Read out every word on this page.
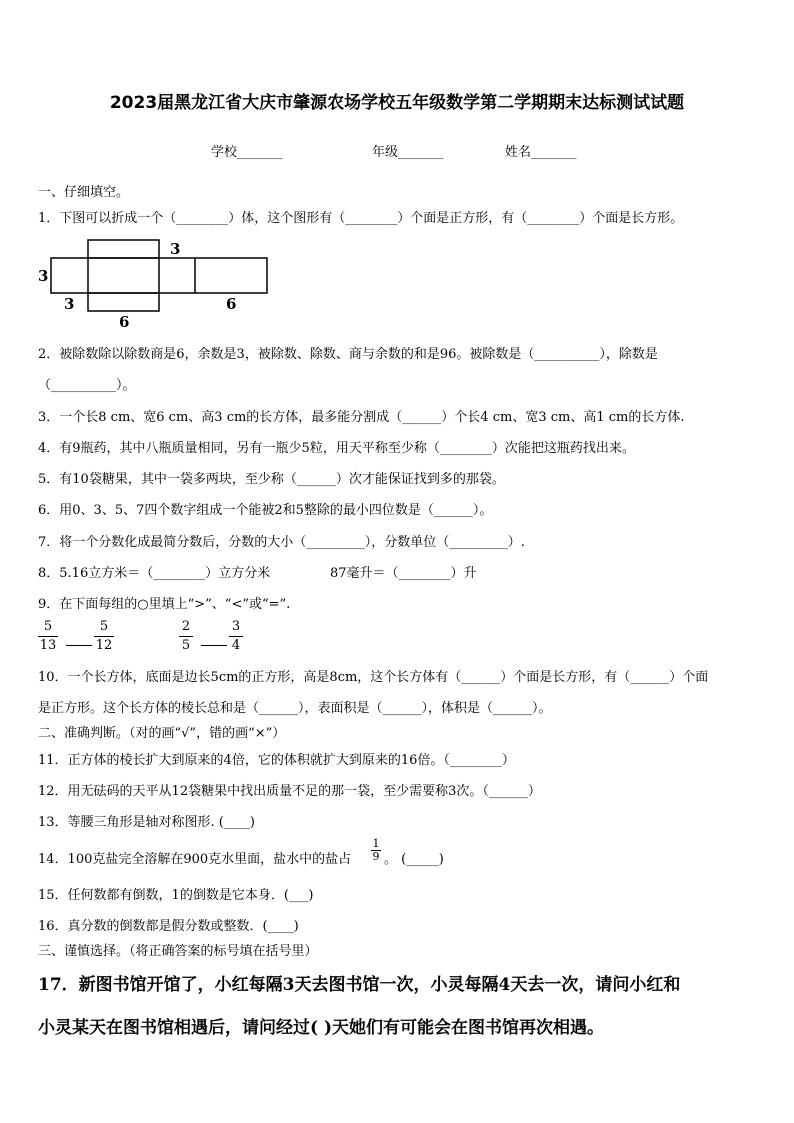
2023届黑龙江省大庆市肇源农场学校五年级数学第二学期期末达标测试试题
学校_______	年级_______	姓名_______
一、仔细填空。
1．下图可以折成一个（________）体，这个图形有（________）个面是正方形，有（________）个面是长方形。
3
3
3
6
6
2．被除数除以除数商是6，余数是3，被除数、除数、商与余数的和是96。被除数是（__________），除数是
（__________）。
3．一个长8 cm、宽6 cm、高3 cm的长方体，最多能分割成（______）个长4 cm、宽3 cm、高1 cm的长方体.
4．有9瓶药，其中八瓶质量相同，另有一瓶少5粒，用天平称至少称（________）次能把这瓶药找出来。
5．有10袋糖果，其中一袋多两块，至少称（______）次才能保证找到多的那袋。
6．用0、3、5、7四个数字组成一个能被2和5整除的最小四位数是（______）。
7．将一个分数化成最简分数后，分数的大小（_________），分数单位（_________）.
8．5.16立方米＝（________）立方分米	87毫升＝（________）升
9．在下面每组的○里填上“>”、“<”或“=”.
5
13
5
12
2
5
3
4
10．一个长方体，底面是边长5cm的正方形，高是8cm，这个长方体有（______）个面是长方形，有（______）个面
是正方形。这个长方体的棱长总和是（______），表面积是（______），体积是（______）。
二、准确判断。（对的画“√”，错的画“×”）
11．正方体的棱长扩大到原来的4倍，它的体积就扩大到原来的16倍。（________）
12．用无砝码的天平从12袋糖果中找出质量不足的那一袋，至少需要称3次。（______）
13．等腰三角形是轴对称图形. (____)
14．100克盐完全溶解在900克水里面，盐水中的盐占
1
9 。 (_____)
15．任何数都有倒数，1的倒数是它本身．(___)
16．真分数的倒数都是假分数或整数．(____)
三、谨慎选择。（将正确答案的标号填在括号里）
17．新图书馆开馆了，小红每隔3天去图书馆一次，小灵每隔4天去一次，请问小红和
小灵某天在图书馆相遇后，请问经过( )天她们有可能会在图书馆再次相遇。
